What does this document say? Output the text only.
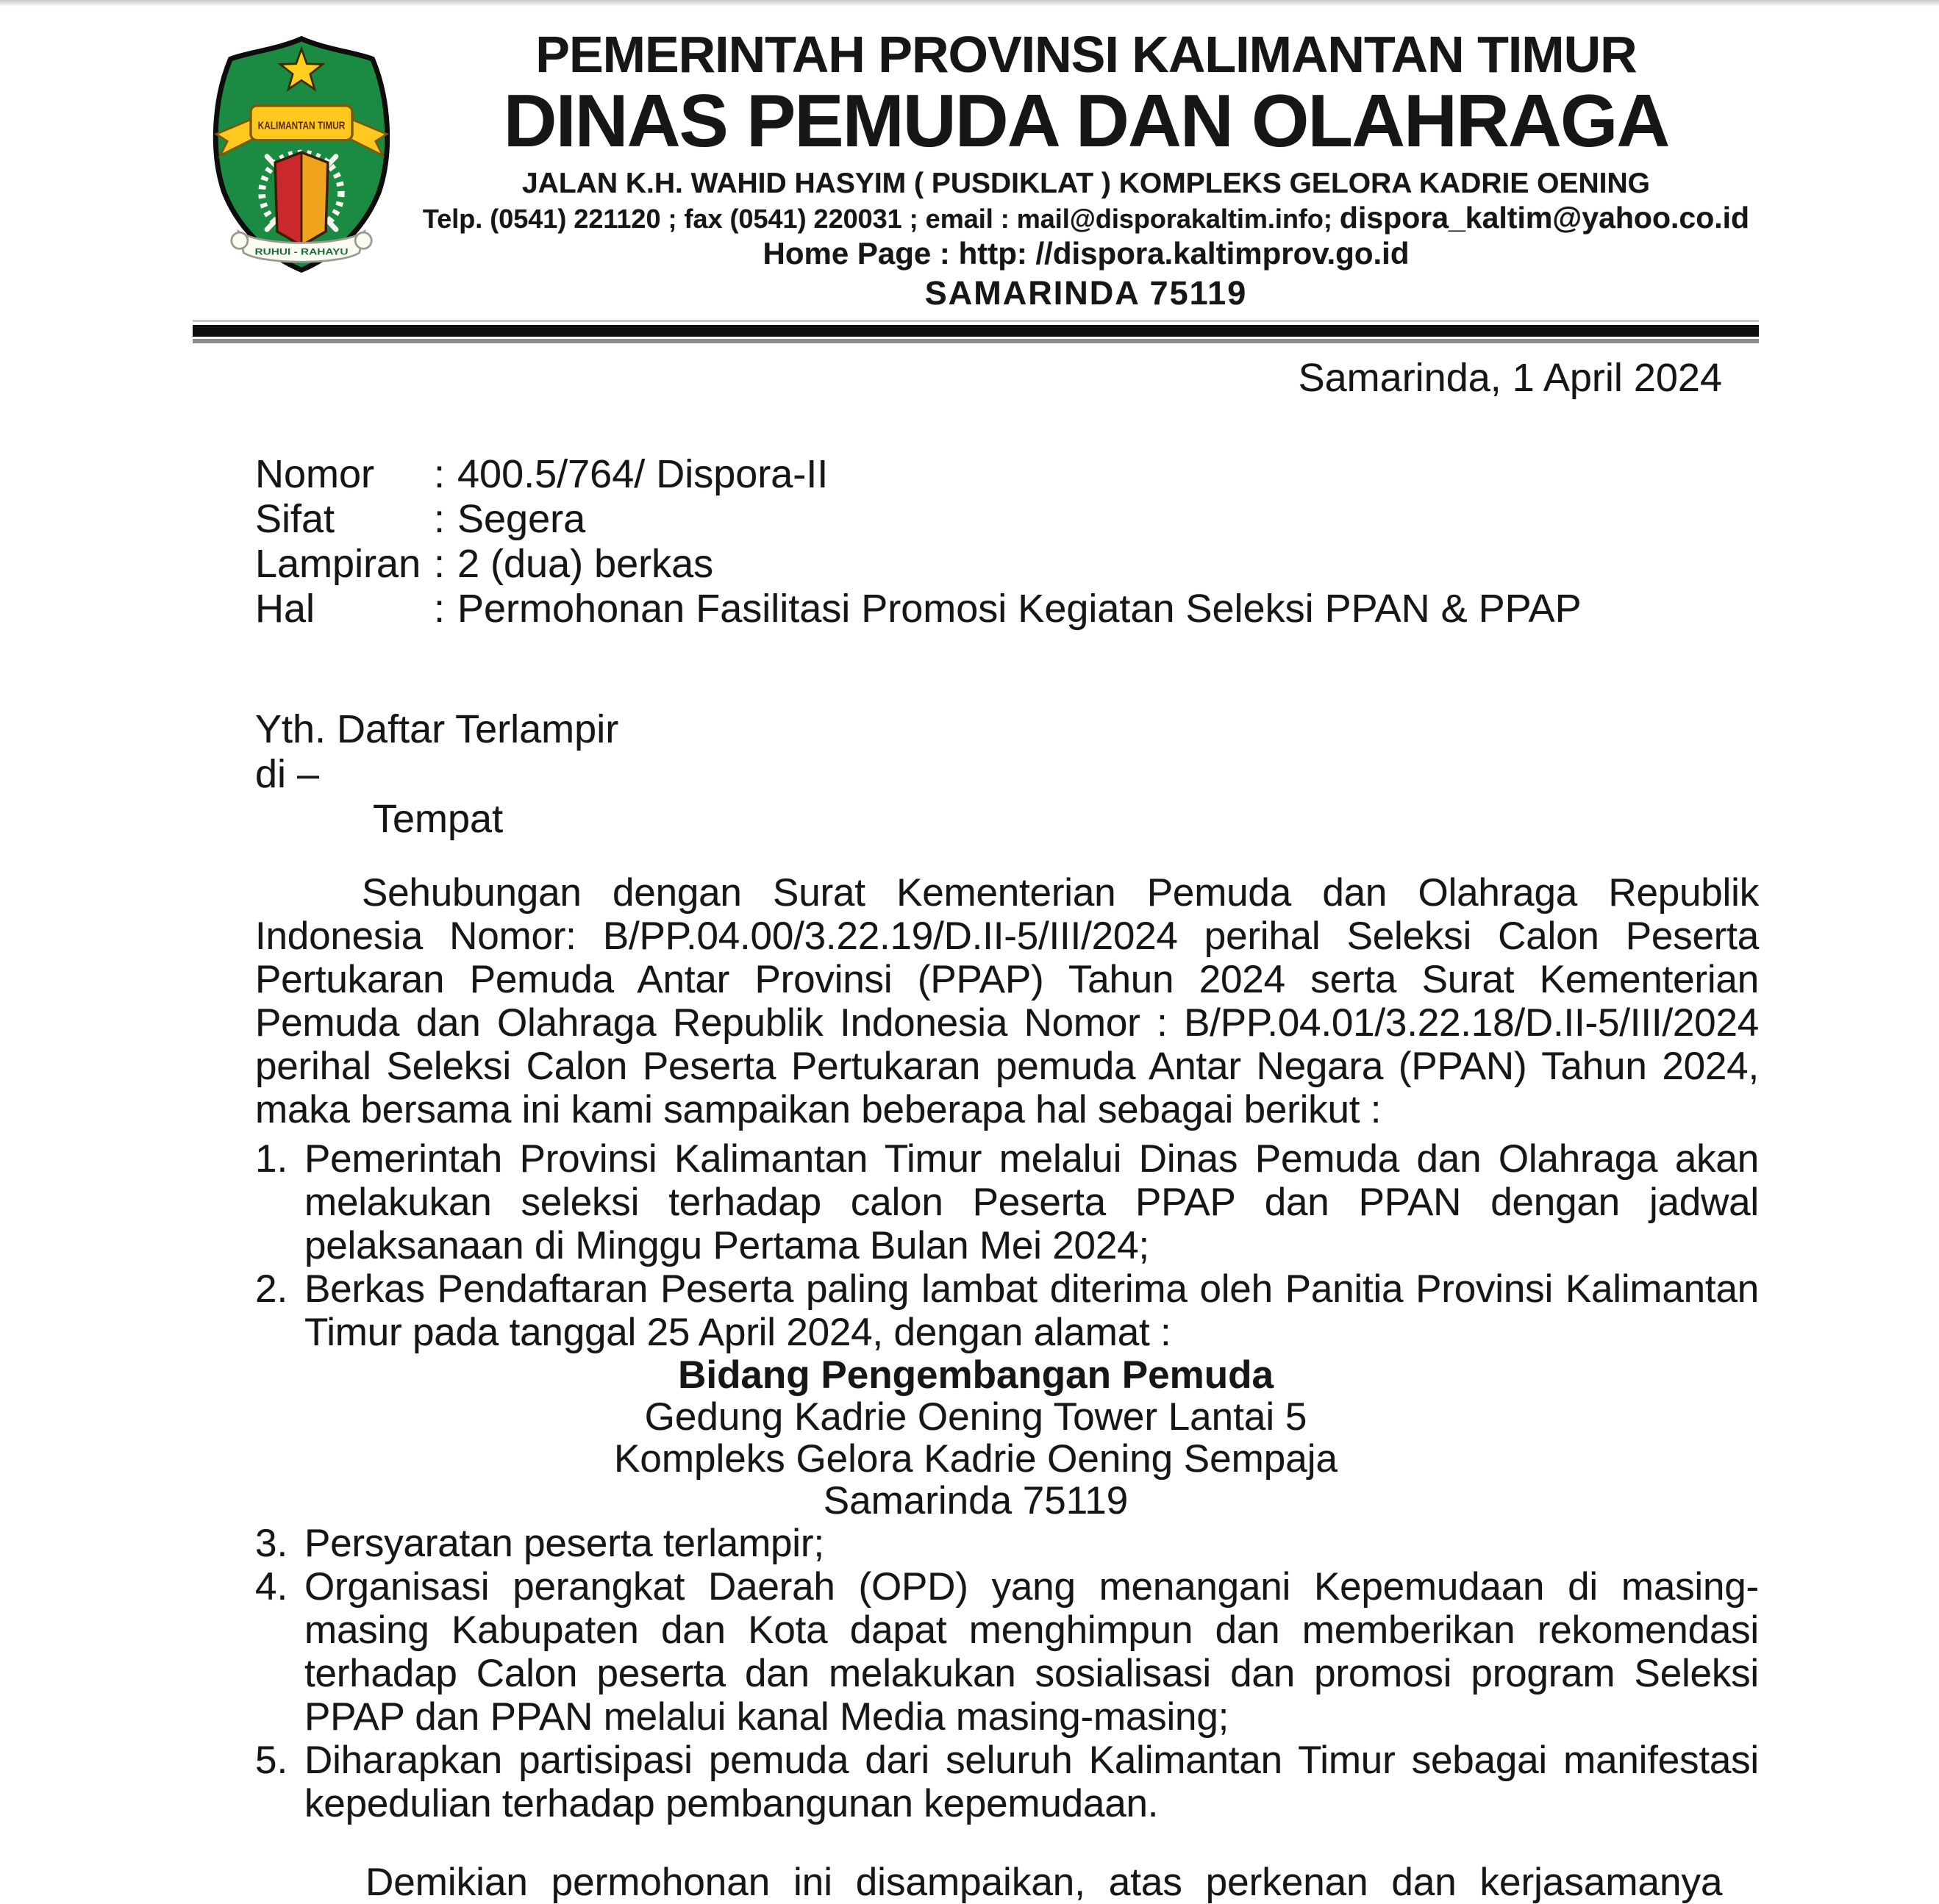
KALIMANTAN TIMUR
RUHUI - RAHAYU
PEMERINTAH PROVINSI KALIMANTAN TIMUR
DINAS PEMUDA DAN OLAHRAGA
JALAN K.H. WAHID HASYIM ( PUSDIKLAT ) KOMPLEKS GELORA KADRIE OENING
Telp. (0541) 221120 ; fax (0541) 220031 ; email : mail@disporakaltim.info; dispora_kaltim@yahoo.co.id
Home Page : http: //dispora.kaltimprov.go.id
SAMARINDA 75119
Samarinda, 1 April 2024
Nomor	: 400.5/764/ Dispora-II
Sifat	: Segera
Lampiran : 2 (dua) berkas
Hal	: Permohonan Fasilitasi Promosi Kegiatan Seleksi PPAN & PPAP
Yth. Daftar Terlampir
di –
Tempat

Sehubungan dengan Surat Kementerian Pemuda dan Olahraga Republik Indonesia Nomor: B/PP.04.00/3.22.19/D.II-5/III/2024 perihal Seleksi Calon Peserta Pertukaran Pemuda Antar Provinsi (PPAP) Tahun 2024 serta Surat Kementerian Pemuda dan Olahraga Republik Indonesia Nomor : B/PP.04.01/3.22.18/D.II-5/III/2024 perihal Seleksi Calon Peserta Pertukaran pemuda Antar Negara (PPAN) Tahun 2024, maka bersama ini kami sampaikan beberapa hal sebagai berikut :

1. Pemerintah Provinsi Kalimantan Timur melalui Dinas Pemuda dan Olahraga akan melakukan seleksi terhadap calon Peserta PPAP dan PPAN dengan jadwal pelaksanaan di Minggu Pertama Bulan Mei 2024;
2. Berkas Pendaftaran Peserta paling lambat diterima oleh Panitia Provinsi Kalimantan Timur pada tanggal 25 April 2024, dengan alamat :
Bidang Pengembangan Pemuda
Gedung Kadrie Oening Tower Lantai 5
Kompleks Gelora Kadrie Oening Sempaja
Samarinda 75119
3. Persyaratan peserta terlampir;
4. Organisasi perangkat Daerah (OPD) yang menangani Kepemudaan di masing-masing Kabupaten dan Kota dapat menghimpun dan memberikan rekomendasi terhadap Calon peserta dan melakukan sosialisasi dan promosi program Seleksi PPAP dan PPAN melalui kanal Media masing-masing;
5. Diharapkan partisipasi pemuda dari seluruh Kalimantan Timur sebagai manifestasi kepedulian terhadap pembangunan kepemudaan.

Demikian permohonan ini disampaikan, atas perkenan dan kerjasamanya
